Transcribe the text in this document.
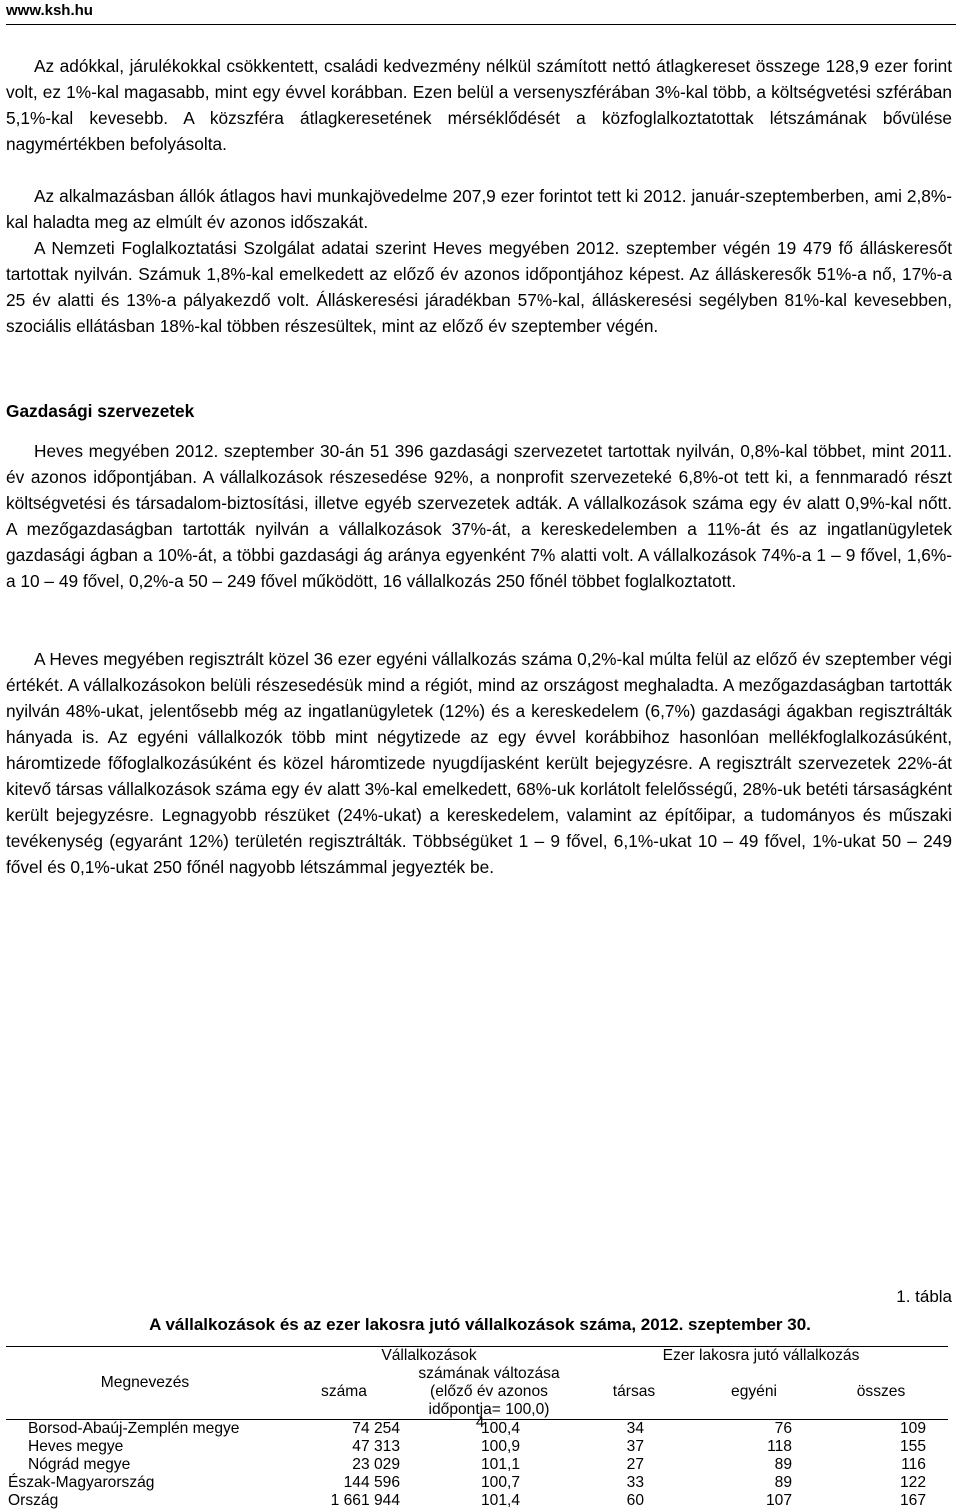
www.ksh.hu

Az adókkal, járulékokkal csökkentett, családi kedvezmény nélkül számított nettó átlagkereset összege 128,9 ezer forint volt, ez 1%-kal magasabb, mint egy évvel korábban. Ezen belül a versenyszférában 3%-kal több, a költségvetési szférában 5,1%-kal kevesebb. A közszféra átlagkeresetének mérséklődését a közfoglalkoztatottak létszámának bővülése nagymértékben befolyásolta.

Az alkalmazásban állók átlagos havi munkajövedelme 207,9 ezer forintot tett ki 2012. január-szeptemberben, ami 2,8%-kal haladta meg az elmúlt év azonos időszakát.

A Nemzeti Foglalkoztatási Szolgálat adatai szerint Heves megyében 2012. szeptember végén 19 479 fő álláskeresőt tartottak nyilván. Számuk 1,8%-kal emelkedett az előző év azonos időpontjához képest. Az álláskeresők 51%-a nő, 17%-a 25 év alatti és 13%-a pályakezdő volt. Álláskeresési járadékban 57%-kal, álláskeresési segélyben 81%-kal kevesebben, szociális ellátásban 18%-kal többen részesültek, mint az előző év szeptember végén.

Gazdasági szervezetek

Heves megyében 2012. szeptember 30-án 51 396 gazdasági szervezetet tartottak nyilván, 0,8%-kal többet, mint 2011. év azonos időpontjában. A vállalkozások részesedése 92%, a nonprofit szervezeteké 6,8%-ot tett ki, a fennmaradó részt költségvetési és társadalom-biztosítási, illetve egyéb szervezetek adták. A vállalkozások száma egy év alatt 0,9%-kal nőtt. A mezőgazdaságban tartották nyilván a vállalkozások 37%-át, a kereskedelemben a 11%-át és az ingatlanügyletek gazdasági ágban a 10%-át, a többi gazdasági ág aránya egyenként 7% alatti volt. A vállalkozások 74%-a 1 – 9 fővel, 1,6%-a 10 – 49 fővel, 0,2%-a 50 – 249 fővel működött, 16 vállalkozás 250 főnél többet foglalkoztatott.

A Heves megyében regisztrált közel 36 ezer egyéni vállalkozás száma 0,2%-kal múlta felül az előző év szeptember végi értékét. A vállalkozásokon belüli részesedésük mind a régiót, mind az országost meghaladta. A mezőgazdaságban tartották nyilván 48%-ukat, jelentősebb még az ingatlanügyletek (12%) és a kereskedelem (6,7%) gazdasági ágakban regisztrálták hányada is. Az egyéni vállalkozók több mint négytizede az egy évvel korábbihoz hasonlóan mellékfoglalkozásúként, háromtizede főfoglalkozásúként és közel háromtizede nyugdíjasként került bejegyzésre. A regisztrált szervezetek 22%-át kitevő társas vállalkozások száma egy év alatt 3%-kal emelkedett, 68%-uk korlátolt felelősségű, 28%-uk betéti társaságként került bejegyzésre. Legnagyobb részüket (24%-ukat) a kereskedelem, valamint az építőipar, a tudományos és műszaki tevékenység (egyaránt 12%) területén regisztrálták. Többségüket 1 – 9 fővel, 6,1%-ukat 10 – 49 fővel, 1%-ukat 50 – 249 fővel és 0,1%-ukat 250 főnél nagyobb létszámmal jegyezték be.

1. tábla
A vállalkozások és az ezer lakosra jutó vállalkozások száma, 2012. szeptember 30.
Megnevezés	Vállalkozások		Ezer lakosra jutó vállalkozás		
	száma	számának változása
(előző év azonos
időpontja= 100,0)	társas	egyéni	összes
Borsod-Abaúj-Zemplén megye	74 254	100,4	34	76	109
Heves megye	47 313	100,9	37	118	155
Nógrád megye	23 029	101,1	27	89	116
Észak-Magyarország	144 596	100,7	33	89	122
Ország	1 661 944	101,4	60	107	167
4
